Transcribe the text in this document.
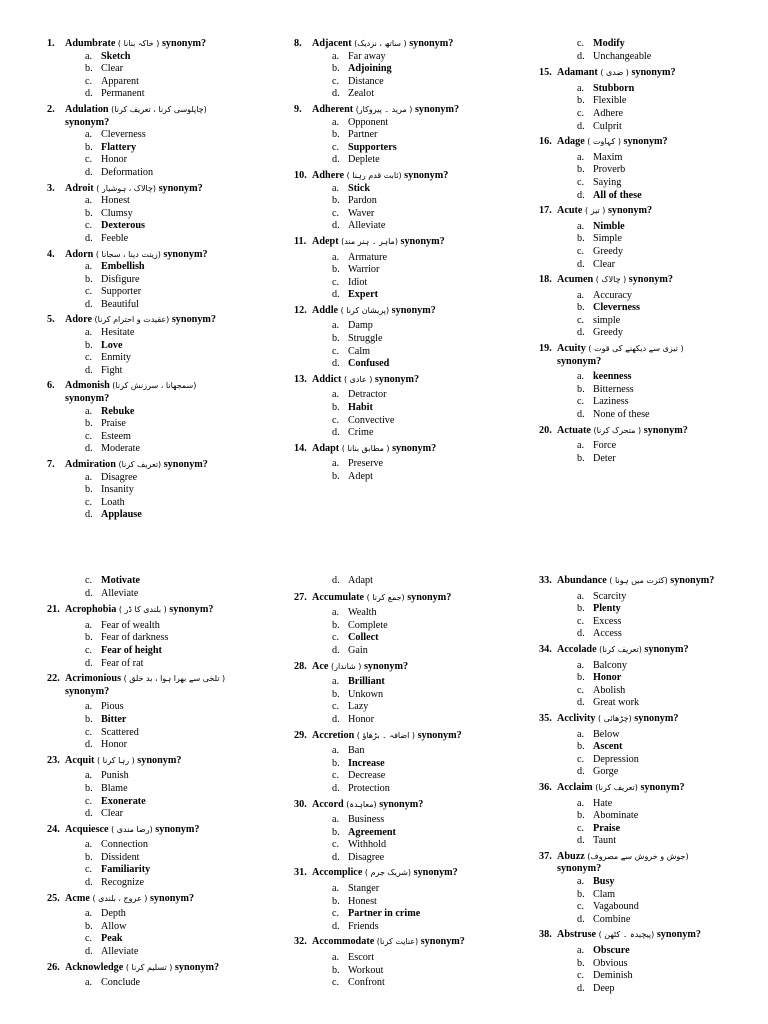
1. Adumbrate ( خاکہ بنانا ) synonym?
a. Sketch
b. Clear
c. Apparent
d. Permanent
2. Adulation (چاپلوسی کرنا ، تعریف کرنا)
synonym?
a. Cleverness
b. Flattery
c. Honor
d. Deformation
3. Adroit (چالاک ، ہوشیار ) synonym?
a. Honest
b. Clumsy
c. Dexterous
d. Feeble
4. Adorn (زینت دینا ، سجانا ) synonym?
a. Embellish
b. Disfigure
c. Supporter
d. Beautiful
5. Adore (عقیدت و احترام کرنا) synonym?
a. Hesitate
b. Love
c. Enmity
d. Fight
6. Admonish (سمجھانا ، سرزنش کرنا)
synonym?
a. Rebuke
b. Praise
c. Esteem
d. Moderate
7. Admiration (تعریف کرنا) synonym?
a. Disagree
b. Insanity
c. Loath
d. Applause
8. Adjacent ( ساتھ ، نزدیک) synonym?
a. Far away
b. Adjoining
c. Distance
d. Zealot
9. Adherent ( مرید ۔ پیروکار) synonym?
a. Opponent
b. Partner
c. Supporters
d. Deplete
10. Adhere (ثابت قدم رہنا ) synonym?
a. Stick
b. Pardon
c. Waver
d. Alleviate
11. Adept (ماہر ۔ ہنر مند) synonym?
a. Armature
b. Warrior
c. Idiot
d. Expert
12. Addle (پریشان کرنا ) synonym?
a. Damp
b. Struggle
c. Calm
d. Confused
13. Addict ( عادی ) synonym?
a. Detractor
b. Habit
c. Convective
d. Crime
14. Adapt ( مطابق بنانا ) synonym?
a. Preserve
b. Adept
c. Modify
d. Unchangeable
15. Adamant ( ضدی ) synonym?
a. Stubborn
b. Flexible
c. Adhere
d. Culprit
16. Adage ( کہاوت ) synonym?
a. Maxim
b. Proverb
c. Saying
d. All of these
17. Acute ( تیز ) synonym?
a. Nimble
b. Simple
c. Greedy
d. Clear
18. Acumen ( چالاک ) synonym?
a. Accuracy
b. Cleverness
c. simple
d. Greedy
19. Acuity ( تیزی سے دیکھنے کی قوت )
synonym?
a. keenness
b. Bitterness
c. Laziness
d. None of these
20. Actuate ( متحرک کرنا) synonym?
a. Force
b. Deter
c. Motivate
d. Alleviate
21. Acrophobia ( بلندی کا ڈر ) synonym?
a. Fear of wealth
b. Fear of darkness
c. Fear of height
d. Fear of rat
22. Acrimonious ( تلخی سے بھرا ہوا ، بد خلق )
synonym?
a. Pious
b. Bitter
c. Scattered
d. Honor
23. Acquit ( رہا کرنا ) synonym?
a. Punish
b. Blame
c. Exonerate
d. Clear
24. Acquiesce (رضا مندی ) synonym?
a. Connection
b. Dissident
c. Familiarity
d. Recognize
25. Acme ( عروج ، بلندی ) synonym?
a. Depth
b. Allow
c. Peak
d. Alleviate
26. Acknowledge ( تسلیم کرنا ) synonym?
a. Conclude
d. Adapt
27. Accumulate (جمع کرنا ) synonym?
a. Wealth
b. Complete
c. Collect
d. Gain
28. Ace ( شاندار) synonym?
a. Brilliant
b. Unkown
c. Lazy
d. Honor
29. Accretion ( اضافہ ۔ بڑھاؤ ) synonym?
a. Ban
b. Increase
c. Decrease
d. Protection
30. Accord (معاہدہ) synonym?
a. Business
b. Agreement
c. Withhold
d. Disagree
31. Accomplice (شریک جرم ) synonym?
a. Stanger
b. Honest
c. Partner in crime
d. Friends
32. Accommodate (عنایت کرنا) synonym?
a. Escort
b. Workout
c. Confront
33. Abundance (کثرت میں ہونا ) synonym?
a. Scarcity
b. Plenty
c. Excess
d. Access
34. Accolade (تعریف کرنا) synonym?
a. Balcony
b. Honor
c. Abolish
d. Great work
35. Acclivity (چڑھائی ) synonym?
a. Below
b. Ascent
c. Depression
d. Gorge
36. Acclaim (تعریف کرنا) synonym?
a. Hate
b. Abominate
c. Praise
d. Taunt
37. Abuzz (جوش و خروش سے مصروف)
synonym?
a. Busy
b. Clam
c. Vagabound
d. Combine
38. Abstruse (پیچیدہ ۔ کٹھن ) synonym?
a. Obscure
b. Obvious
c. Deminish
d. Deep
